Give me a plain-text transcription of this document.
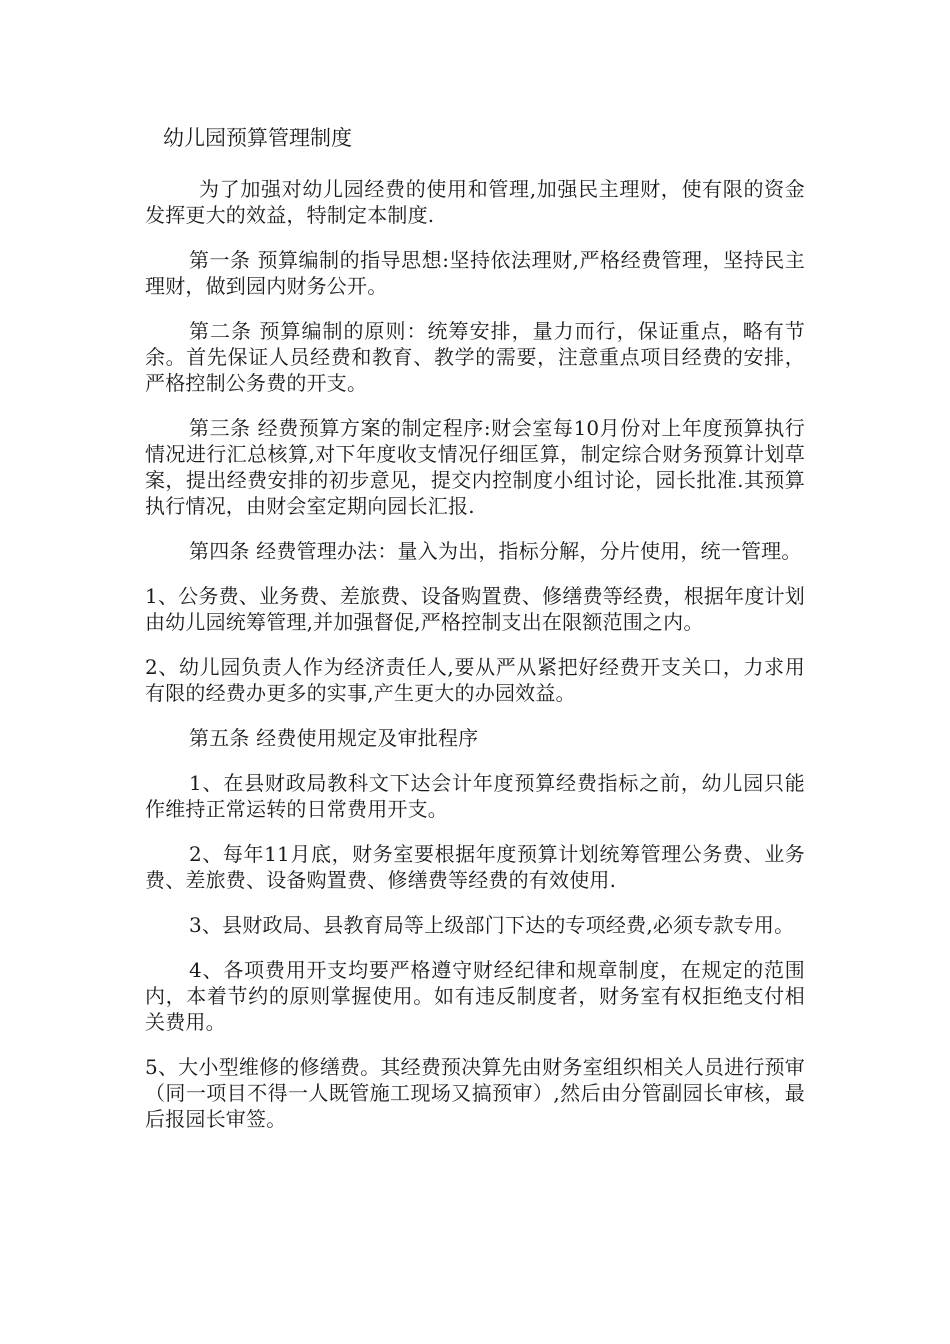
幼儿园预算管理制度

为了加强对幼儿园经费的使用和管理,加强民主理财，使有限的资金发挥更大的效益，特制定本制度.

第一条 预算编制的指导思想:坚持依法理财,严格经费管理，坚持民主理财，做到园内财务公开。

第二条 预算编制的原则：统筹安排，量力而行，保证重点，略有节余。首先保证人员经费和教育、教学的需要，注意重点项目经费的安排，严格控制公务费的开支。

第三条 经费预算方案的制定程序:财会室每10月份对上年度预算执行情况进行汇总核算,对下年度收支情况仔细匡算，制定综合财务预算计划草案，提出经费安排的初步意见，提交内控制度小组讨论，园长批准.其预算执行情况，由财会室定期向园长汇报.

第四条 经费管理办法：量入为出，指标分解，分片使用，统一管理。

1、公务费、业务费、差旅费、设备购置费、修缮费等经费，根据年度计划由幼儿园统筹管理,并加强督促,严格控制支出在限额范围之内。

2、幼儿园负责人作为经济责任人,要从严从紧把好经费开支关口，力求用有限的经费办更多的实事,产生更大的办园效益。

第五条 经费使用规定及审批程序

1、在县财政局教科文下达会计年度预算经费指标之前，幼儿园只能作维持正常运转的日常费用开支。

2、每年11月底，财务室要根据年度预算计划统筹管理公务费、业务费、差旅费、设备购置费、修缮费等经费的有效使用.

3、县财政局、县教育局等上级部门下达的专项经费,必须专款专用。

4、各项费用开支均要严格遵守财经纪律和规章制度，在规定的范围内，本着节约的原则掌握使用。如有违反制度者，财务室有权拒绝支付相关费用。

5、大小型维修的修缮费。其经费预决算先由财务室组织相关人员进行预审（同一项目不得一人既管施工现场又搞预审）,然后由分管副园长审核，最后报园长审签。
